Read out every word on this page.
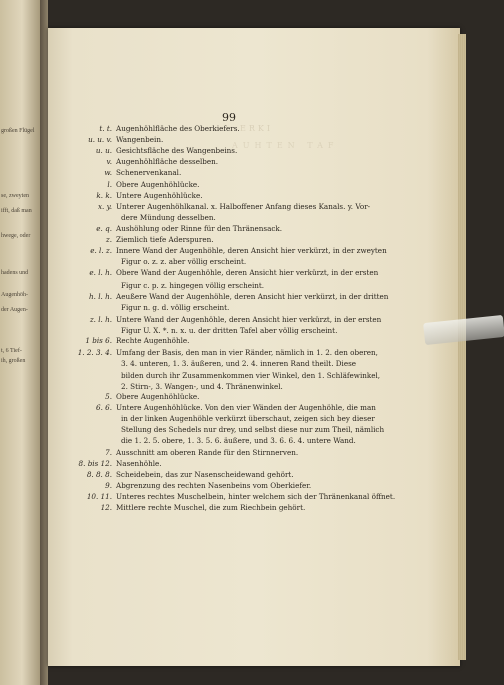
großen Flügel
se, zweyten
ifft, daß man
hwege, oder
hadens und
Augenhöh-
der Augen-
t, 6 Tief-
ih, großen
ERKI
AUHTEN TAF
99
t. t. Augenhöhlfläche des Oberkiefers.
u. u. v. Wangenbein.
u. u. Gesichtsfläche des Wangenbeins.
v. Augenhöhlfläche desselben.
w. Schenervenkanal.
l. Obere Augenhöhlücke.
k. k. Untere Augenhöhlücke.
x. y. Unterer Augenhöhlkanal. x. Halboffener Anfang dieses Kanals. y. Vor-
dere Mündung desselben.
e. q. Aushöhlung oder Rinne für den Thränensack.
z. Ziemlich tiefe Aderspuren.
e. l. z. Innere Wand der Augenhöhle, deren Ansicht hier verkürzt, in der zweyten
Figur o. z. z. aber völlig erscheint.
e. l. h. Obere Wand der Augenhöhle, deren Ansicht hier verkürzt, in der ersten
Figur c. p. z. hingegen völlig erscheint.
h. l. h. Aeußere Wand der Augenhöhle, deren Ansicht hier verkürzt, in der dritten
Figur n. g. d. völlig erscheint.
z. l. h. Untere Wand der Augenhöhle, deren Ansicht hier verkürzt, in der ersten
Figur U. X. *. n. x. u. der dritten Tafel aber völlig erscheint.
1 bis 6. Rechte Augenhöhle.
1. 2. 3. 4. Umfang der Basis, den man in vier Ränder, nämlich in 1. 2. den oberen,
3. 4. unteren, 1. 3. äußeren, und 2. 4. inneren Rand theilt. Diese
bilden durch ihr Zusammenkommen vier Winkel, den 1. Schläfewinkel,
2. Stirn-, 3. Wangen-, und 4. Thränenwinkel.
5. Obere Augenhöhlücke.
6. 6. Untere Augenhöhlücke. Von den vier Wänden der Augenhöhle, die man
in der linken Augenhöhle verkürzt überschaut, zeigen sich bey dieser
Stellung des Schedels nur drey, und selbst diese nur zum Theil, nämlich
die 1. 2. 5. obere, 1. 3. 5. 6. äußere, und 3. 6. 6. 4. untere Wand.
7. Ausschnitt am oberen Rande für den Stirnnerven.
8. bis 12. Nasenhöhle.
8. 8. 8. Scheidebein, das zur Nasenscheidewand gehört.
9. Abgrenzung des rechten Nasenbeins vom Oberkiefer.
10. 11. Unteres rechtes Muschelbein, hinter welchem sich der Thränenkanal öffnet.
12. Mittlere rechte Muschel, die zum Riechbein gehört.
